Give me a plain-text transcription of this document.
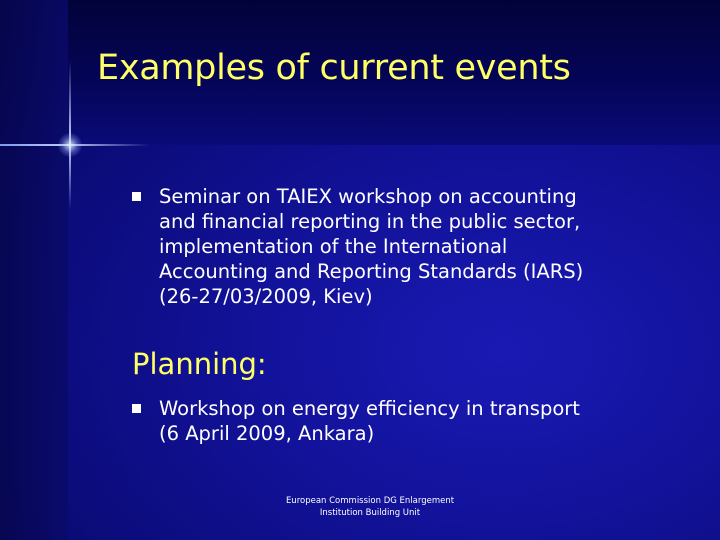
Examples of current events

Seminar on TAIEX workshop on accounting
and financial reporting in the public sector,
implementation of the International
Accounting and Reporting Standards (IARS)
(26-27/03/2009, Kiev)

Planning:

Workshop on energy efficiency in transport
(6 April 2009, Ankara)

European Commission DG Enlargement
Institution Building Unit
